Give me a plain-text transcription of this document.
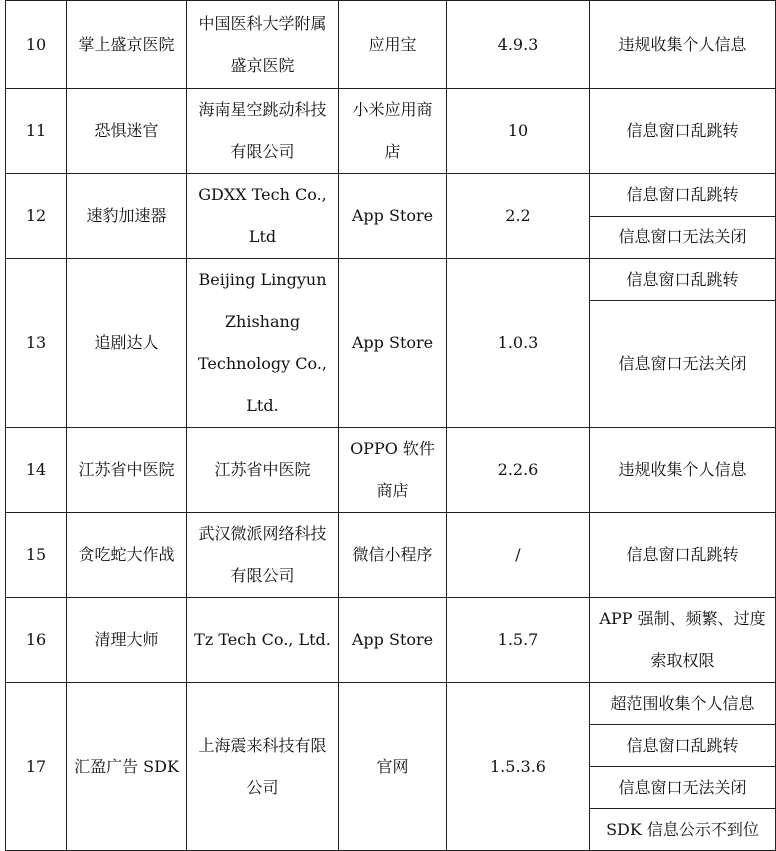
10	掌上盛京医院	中国医科大学附属盛京医院	应用宝	4.9.3	违规收集个人信息
11	恐惧迷官	海南星空跳动科技有限公司	小米应用商店	10	信息窗口乱跳转
12	速豹加速器	GDXX Tech Co., Ltd	App Store	2.2	信息窗口乱跳转
					信息窗口无法关闭
13	追剧达人	Beijing Lingyun Zhishang Technology Co., Ltd.	App Store	1.0.3	信息窗口乱跳转
					信息窗口无法关闭
14	江苏省中医院	江苏省中医院	OPPO 软件商店	2.2.6	违规收集个人信息
15	贪吃蛇大作战	武汉微派网络科技有限公司	微信小程序	/	信息窗口乱跳转
16	清理大师	Tz Tech Co., Ltd.	App Store	1.5.7	APP 强制、频繁、过度索取权限
17	汇盈广告 SDK	上海震来科技有限公司	官网	1.5.3.6	超范围收集个人信息
					信息窗口乱跳转
					信息窗口无法关闭
					SDK 信息公示不到位
